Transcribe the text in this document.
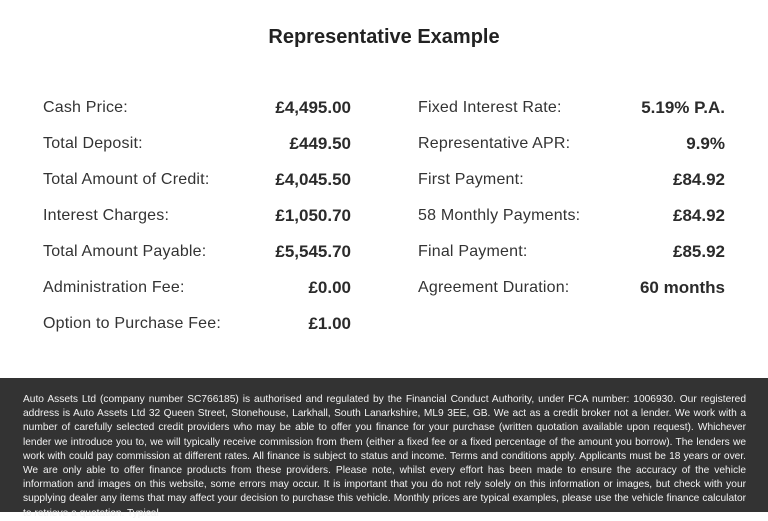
Representative Example
Cash Price:	£4,495.00
Total Deposit:	£449.50
Total Amount of Credit:	£4,045.50
Interest Charges:	£1,050.70
Total Amount Payable:	£5,545.70
Administration Fee:	£0.00
Option to Purchase Fee:	£1.00
Fixed Interest Rate:	5.19% P.A.
Representative APR:	9.9%
First Payment:	£84.92
58 Monthly Payments:	£84.92
Final Payment:	£85.92
Agreement Duration:	60 months

Auto Assets Ltd (company number SC766185) is authorised and regulated by the Financial Conduct Authority, under FCA number: 1006930. Our registered address is Auto Assets Ltd 32 Queen Street, Stonehouse, Larkhall, South Lanarkshire, ML9 3EE, GB. We act as a credit broker not a lender. We work with a number of carefully selected credit providers who may be able to offer you finance for your purchase (written quotation available upon request). Whichever lender we introduce you to, we will typically receive commission from them (either a fixed fee or a fixed percentage of the amount you borrow). The lenders we work with could pay commission at different rates. All finance is subject to status and income. Terms and conditions apply. Applicants must be 18 years or over. We are only able to offer finance products from these providers. Please note, whilst every effort has been made to ensure the accuracy of the vehicle information and images on this website, some errors may occur. It is important that you do not rely solely on this information or images, but check with your supplying dealer any items that may affect your decision to purchase this vehicle. Monthly prices are typical examples, please use the vehicle finance calculator to retrieve a quotation. Typical
